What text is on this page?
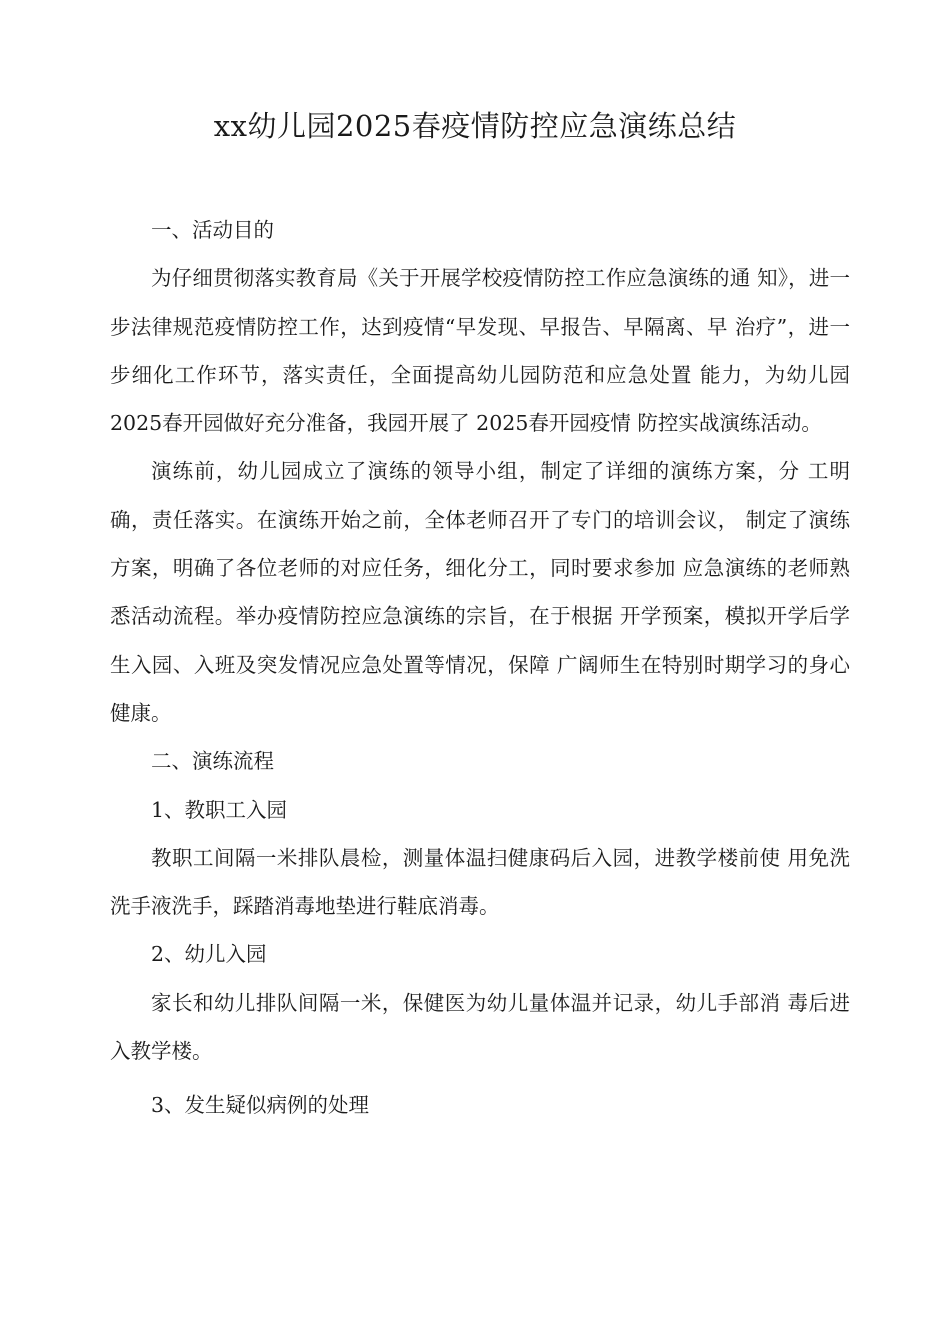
xx幼儿园2025春疫情防控应急演练总结

一、活动目的

为仔细贯彻落实教育局《关于开展学校疫情防控工作应急演练的通 知》，进一步法律规范疫情防控工作，达到疫情“早发现、早报告、早隔离、早 治疗”，进一步细化工作环节，落实责任，全面提高幼儿园防范和应急处置 能力，为幼儿园2025春开园做好充分准备，我园开展了 2025春开园疫情 防控实战演练活动。

演练前，幼儿园成立了演练的领导小组，制定了详细的演练方案，分 工明确，责任落实。在演练开始之前，全体老师召开了专门的培训会议， 制定了演练方案，明确了各位老师的对应任务，细化分工，同时要求参加 应急演练的老师熟悉活动流程。举办疫情防控应急演练的宗旨，在于根据 开学预案，模拟开学后学生入园、入班及突发情况应急处置等情况，保障 广阔师生在特别时期学习的身心健康。

二、演练流程

1、教职工入园

教职工间隔一米排队晨检，测量体温扫健康码后入园，进教学楼前使 用免洗洗手液洗手，踩踏消毒地垫进行鞋底消毒。

2、幼儿入园

家长和幼儿排队间隔一米，保健医为幼儿量体温并记录，幼儿手部消 毒后进入教学楼。

3、发生疑似病例的处理
